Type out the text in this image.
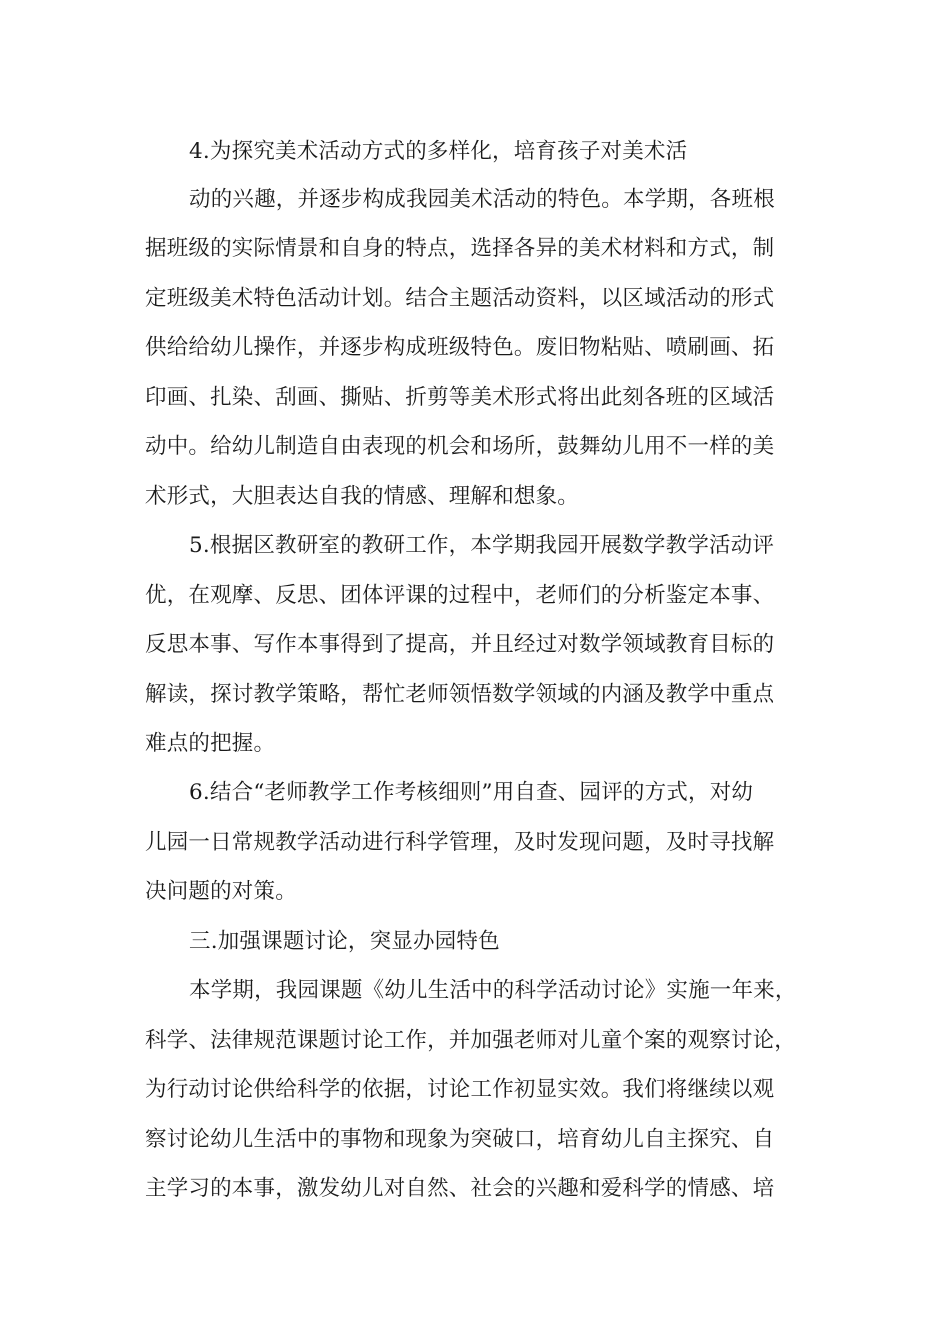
4.为探究美术活动方式的多样化，培育孩子对美术活
动的兴趣，并逐步构成我园美术活动的特色。本学期，各班根
据班级的实际情景和自身的特点，选择各异的美术材料和方式，制
定班级美术特色活动计划。结合主题活动资料，以区域活动的形式
供给给幼儿操作，并逐步构成班级特色。废旧物粘贴、喷刷画、拓
印画、扎染、刮画、撕贴、折剪等美术形式将出此刻各班的区域活
动中。给幼儿制造自由表现的机会和场所，鼓舞幼儿用不一样的美
术形式，大胆表达自我的情感、理解和想象。
5.根据区教研室的教研工作，本学期我园开展数学教学活动评
优，在观摩、反思、团体评课的过程中，老师们的分析鉴定本事、
反思本事、写作本事得到了提高，并且经过对数学领域教育目标的
解读，探讨教学策略，帮忙老师领悟数学领域的内涵及教学中重点
难点的把握。
6.结合“老师教学工作考核细则”用自查、园评的方式，对幼
儿园一日常规教学活动进行科学管理，及时发现问题，及时寻找解
决问题的对策。
三.加强课题讨论，突显办园特色
本学期，我园课题《幼儿生活中的科学活动讨论》实施一年来，
科学、法律规范课题讨论工作，并加强老师对儿童个案的观察讨论，
为行动讨论供给科学的依据，讨论工作初显实效。我们将继续以观
察讨论幼儿生活中的事物和现象为突破口，培育幼儿自主探究、自
主学习的本事，激发幼儿对自然、社会的兴趣和爱科学的情感、培
